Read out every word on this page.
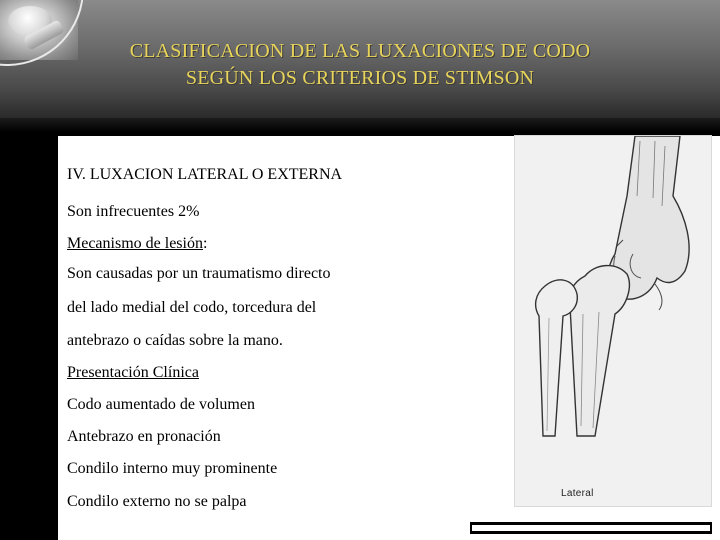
CLASIFICACION DE LAS LUXACIONES DE CODO
SEGÚN LOS CRITERIOS DE STIMSON
IV. LUXACION LATERAL O EXTERNA
Son infrecuentes 2%
Mecanismo de lesión:
Son causadas por un traumatismo directo
del lado medial del codo, torcedura del
antebrazo o caídas sobre la mano.
Presentación Clínica
Codo aumentado de volumen
Antebrazo en pronación
Condilo interno muy prominente
Condilo externo no se palpa	Lateral
